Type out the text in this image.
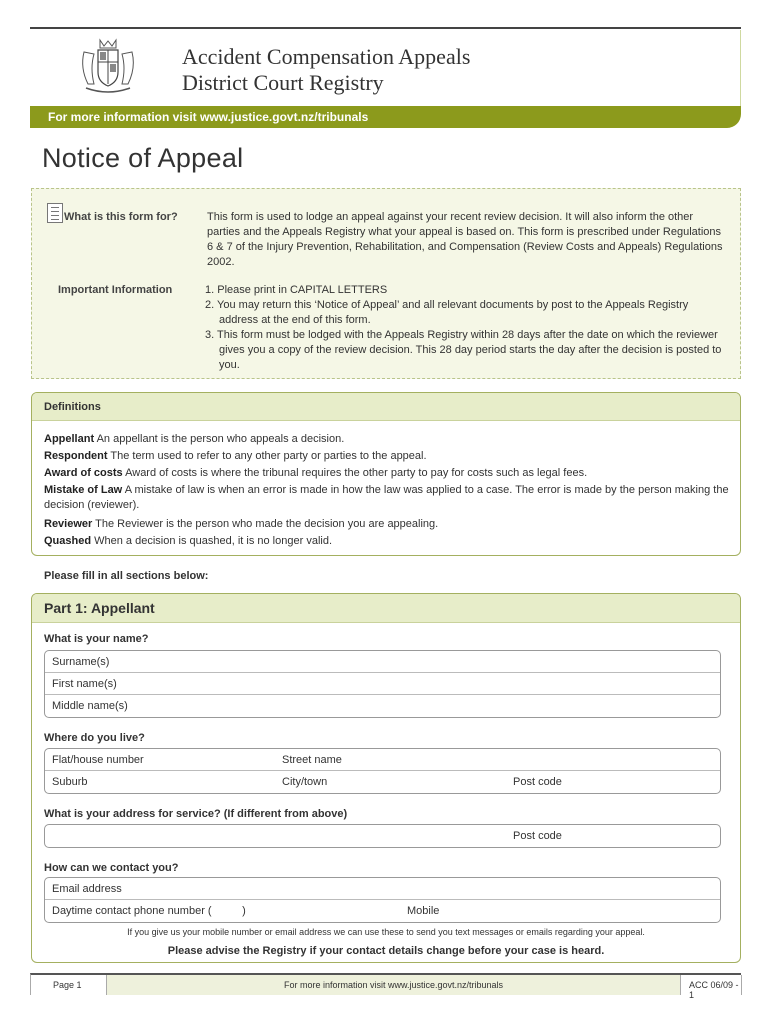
Accident Compensation Appeals
District Court Registry
For more information visit www.justice.govt.nz/tribunals
Notice of Appeal
What is this form for?	This form is used to lodge an appeal against your recent review decision. It will also inform the other parties and the Appeals Registry what your appeal is based on. This form is prescribed under Regulations 6 & 7 of the Injury Prevention, Rehabilitation, and Compensation (Review Costs and Appeals) Regulations 2002.
Important Information	1. Please print in CAPITAL LETTERS
2. You may return this ‘Notice of Appeal’ and all relevant documents by post to the Appeals Registry address at the end of this form.
3. This form must be lodged with the Appeals Registry within 28 days after the date on which the reviewer gives you a copy of the review decision. This 28 day period starts the day after the decision is posted to you.
Definitions
Appellant An appellant is the person who appeals a decision.
Respondent The term used to refer to any other party or parties to the appeal.
Award of costs Award of costs is where the tribunal requires the other party to pay for costs such as legal fees.
Mistake of Law A mistake of law is when an error is made in how the law was applied to a case. The error is made by the person making the decision (reviewer).
Reviewer The Reviewer is the person who made the decision you are appealing.
Quashed When a decision is quashed, it is no longer valid.
Please fill in all sections below:
Part 1: Appellant
What is your name?
Surname(s)
First name(s)
Middle name(s)
Where do you live?
Flat/house number	Street name
Suburb	City/town	Post code
What is your address for service? (If different from above)
Post code
How can we contact you?
Email address
Daytime contact phone number (          )	Mobile
If you give us your mobile number or email address we can use these to send you text messages or emails regarding your appeal.
Please advise the Registry if your contact details change before your case is heard.
Page 1	For more information visit www.justice.govt.nz/tribunals	ACC 06/09 - 1
